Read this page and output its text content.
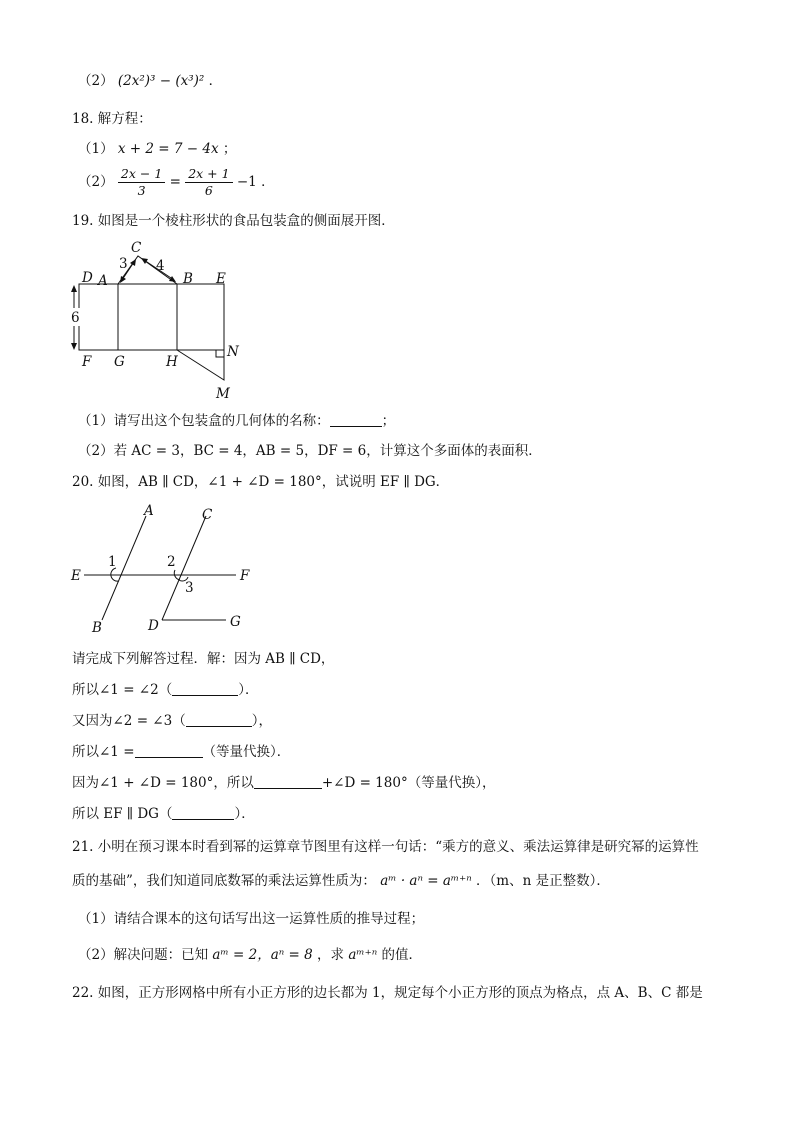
（2） (2x²)³ − (x³)² ．
18. 解方程：
（1） x + 2 = 7 − 4x ；
$(2) \frac{2x - 1}{3} = \frac{2x + 1}{6} -1$ ．
19. 如图是一个棱柱形状的食品包装盒的侧面展开图．
6
3 4
C
A
D	B E
F G	H
N
M
（1）请写出这个包装盒的几何体的名称：	；
（2）若 AC = 3，BC = 4，AB = 5，DF = 6，计算这个多面体的表面积．
20. 如图，AB ∥ CD，∠1 + ∠D = 180°，试说明 EF ∥ DG．
A	C
E	F
B	D	G
1	2
3
请完成下列解答过程．解：因为 AB ∥ CD，
所以∠1 = ∠2（	）．
又因为∠2 = ∠3（	），
所以∠1 =	（等量代换）．
因为∠1 + ∠D = 180°，所以	+∠D = 180°（等量代换），
所以 EF ∥ DG（	）．
21. 小明在预习课本时看到幂的运算章节图里有这样一句话：“乘方的意义、乘法运算律是研究幂的运算性
质的基础”，我们知道同底数幂的乘法运算性质为： aᵐ · aⁿ = aᵐ⁺ⁿ ．（m、n 是正整数）．
（1）请结合课本的这句话写出这一运算性质的推导过程；
（2）解决问题：已知 aᵐ = 2，aⁿ = 8 ，求 aᵐ⁺ⁿ 的值．
22. 如图，正方形网格中所有小正方形的边长都为 1，规定每个小正方形的顶点为格点，点 A、B、C 都是
